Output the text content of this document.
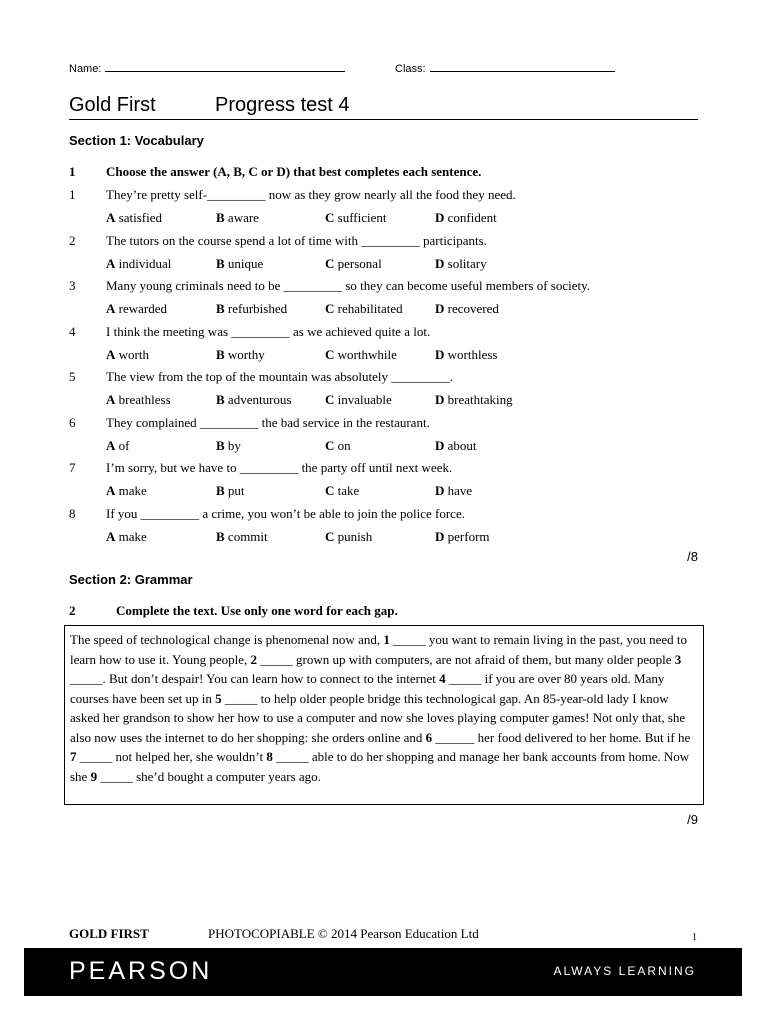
Name:	Class:
Gold First	Progress test 4
Section 1: Vocabulary
1 Choose the answer (A, B, C or D) that best completes each sentence.
1 They’re pretty self-_________ now as they grow nearly all the food they need.
A satisfied	B aware	C sufficient	D confident
2 The tutors on the course spend a lot of time with _________ participants.
A individual	B unique	C personal	D solitary
3 Many young criminals need to be _________ so they can become useful members of society.
A rewarded	B refurbished	C rehabilitated D recovered
4 I think the meeting was _________ as we achieved quite a lot.
A worth	B worthy	C worthwhile	D worthless
5 The view from the top of the mountain was absolutely _________.
A breathless	B adventurous	C invaluable	D breathtaking
6 They complained _________ the bad service in the restaurant.
A of	B by	C on	D about
7 I’m sorry, but we have to _________ the party off until next week.
A make	B put	C take	D have
8 If you _________ a crime, you won’t be able to join the police force.
A make	B commit	C punish	D perform
/8
Section 2: Grammar
2	Complete the text. Use only one word for each gap.
The speed of technological change is phenomenal now and, 1 _____ you want to remain living in the past, you need to learn how to use it. Young people, 2 _____ grown up with computers, are not afraid of them, but many older people 3 _____. But don’t despair! You can learn how to connect to the internet 4 _____ if you are over 80 years old. Many courses have been set up in 5 _____ to help older people bridge this technological gap. An 85-year-old lady I know asked her grandson to show her how to use a computer and now she loves playing computer games! Not only that, she also now uses the internet to do her shopping: she orders online and 6 ______ her food delivered to her home. But if he 7 _____ not helped her, she wouldn’t 8 _____ able to do her shopping and manage her bank accounts from home. Now she 9 _____ she’d bought a computer years ago.
/9
GOLD FIRST	PHOTOCOPIABLE © 2014 Pearson Education Ltd	1
PEARSON	ALWAYS LEARNING
